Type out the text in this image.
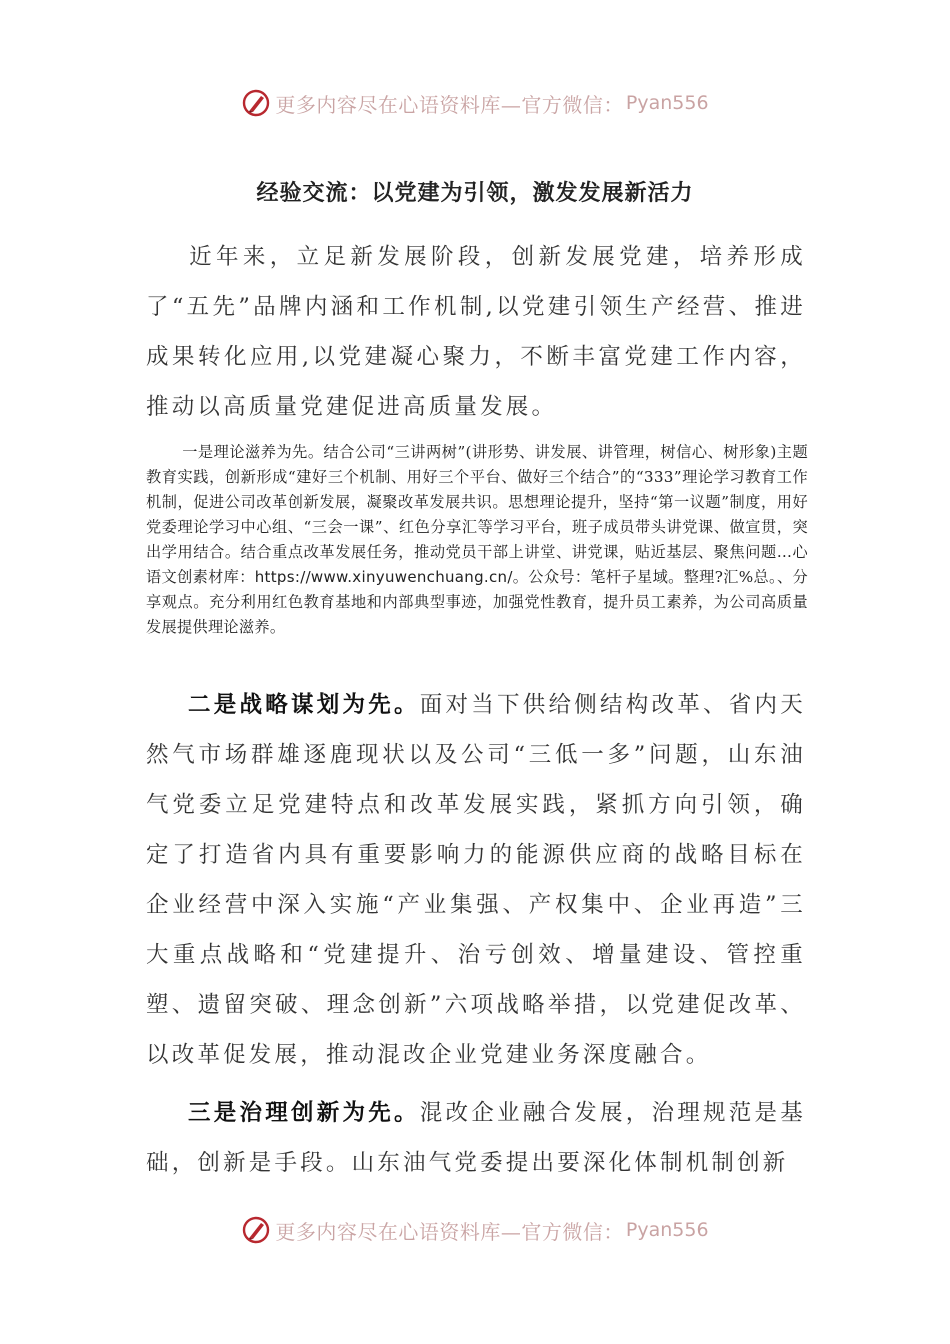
更多内容尽在心语资料库—官方微信： Pyan556
经验交流：以党建为引领，激发发展新活力

近年来，立足新发展阶段，创新发展党建，培养形成了“五先”品牌内涵和工作机制,以党建引领生产经营、推进成果转化应用,以党建凝心聚力，不断丰富党建工作内容，推动以高质量党建促进高质量发展。

一是理论滋养为先。结合公司“三讲两树”(讲形势、讲发展、讲管理，树信心、树形象)主题教育实践，创新形成“建好三个机制、用好三个平台、做好三个结合”的“333”理论学习教育工作机制，促进公司改革创新发展，凝聚改革发展共识。思想理论提升，坚持“第一议题”制度，用好党委理论学习中心组、“三会一课”、红色分享汇等学习平台，班子成员带头讲党课、做宣贯，突出学用结合。结合重点改革发展任务，推动党员干部上讲堂、讲党课，贴近基层、聚焦问题…心语文创素材库：https://www.xinyuwenchuang.cn/。公众号：笔杆子星域。整理?汇%总。、分享观点。充分利用红色教育基地和内部典型事迹，加强党性教育，提升员工素养，为公司高质量发展提供理论滋养。

二是战略谋划为先。面对当下供给侧结构改革、省内天然气市场群雄逐鹿现状以及公司“三低一多”问题，山东油气党委立足党建特点和改革发展实践，紧抓方向引领，确定了打造省内具有重要影响力的能源供应商的战略目标在企业经营中深入实施“产业集强、产权集中、企业再造”三大重点战略和“党建提升、治亏创效、增量建设、管控重塑、遗留突破、理念创新”六项战略举措，以党建促改革、以改革促发展，推动混改企业党建业务深度融合。

三是治理创新为先。混改企业融合发展，治理规范是基础，创新是手段。山东油气党委提出要深化体制机制创新

更多内容尽在心语资料库—官方微信： Pyan556
